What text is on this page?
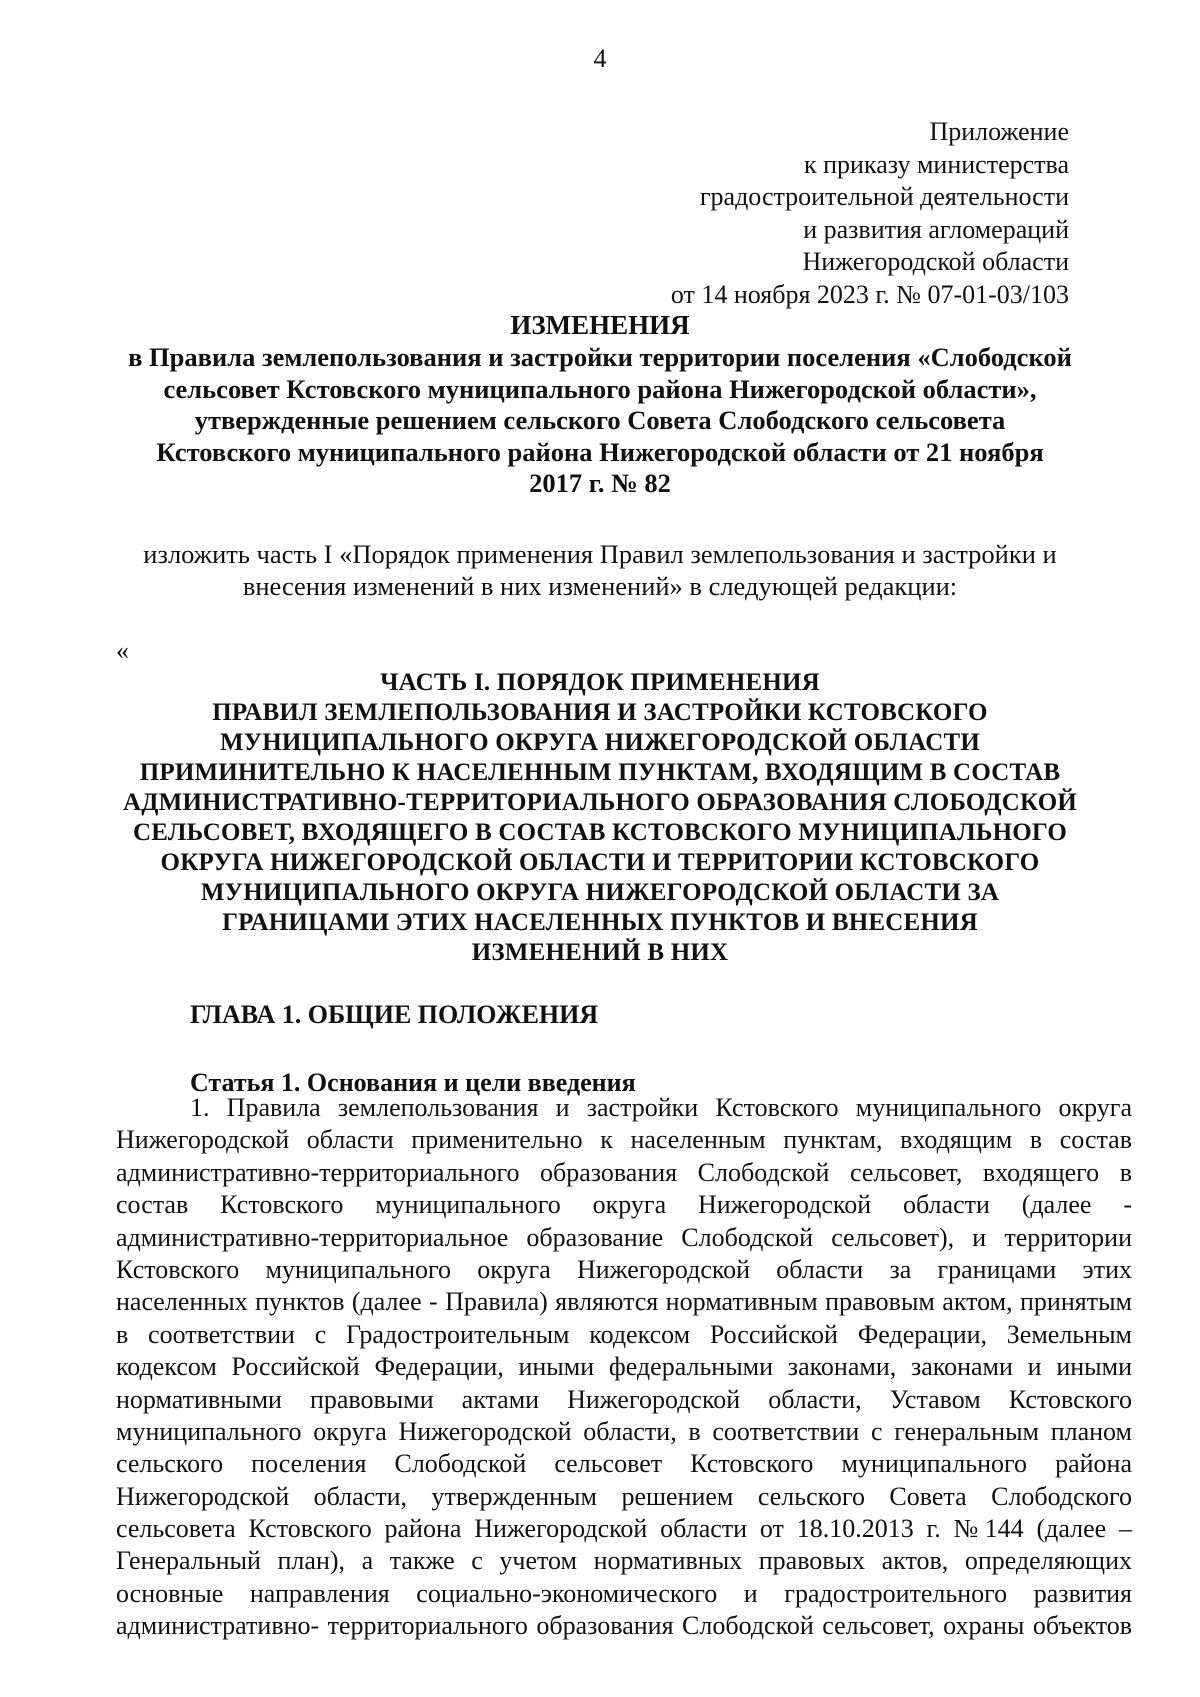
4
Приложение
к приказу министерства
градостроительной деятельности
и развития агломераций
Нижегородской области
от 14 ноября 2023 г. № 07-01-03/103
ИЗМЕНЕНИЯ
в Правила землепользования и застройки территории поселения «Слободской
сельсовет Кстовского муниципального района Нижегородской области»,
утвержденные решением сельского Совета Слободского сельсовета
Кстовского муниципального района Нижегородской области от 21 ноября
2017 г. № 82
изложить часть I «Порядок применения Правил землепользования и застройки и
внесения изменений в них изменений» в следующей редакции:
«
ЧАСТЬ I. ПОРЯДОК ПРИМЕНЕНИЯ
ПРАВИЛ ЗЕМЛЕПОЛЬЗОВАНИЯ И ЗАСТРОЙКИ КСТОВСКОГО
МУНИЦИПАЛЬНОГО ОКРУГА НИЖЕГОРОДСКОЙ ОБЛАСТИ
ПРИМИНИТЕЛЬНО К НАСЕЛЕННЫМ ПУНКТАМ, ВХОДЯЩИМ В СОСТАВ
АДМИНИСТРАТИВНО-ТЕРРИТОРИАЛЬНОГО ОБРАЗОВАНИЯ СЛОБОДСКОЙ
СЕЛЬСОВЕТ, ВХОДЯЩЕГО В СОСТАВ КСТОВСКОГО МУНИЦИПАЛЬНОГО
ОКРУГА НИЖЕГОРОДСКОЙ ОБЛАСТИ И ТЕРРИТОРИИ КСТОВСКОГО
МУНИЦИПАЛЬНОГО ОКРУГА НИЖЕГОРОДСКОЙ ОБЛАСТИ ЗА
ГРАНИЦАМИ ЭТИХ НАСЕЛЕННЫХ ПУНКТОВ И ВНЕСЕНИЯ
ИЗМЕНЕНИЙ В НИХ
ГЛАВА 1. ОБЩИЕ ПОЛОЖЕНИЯ
Статья 1. Основания и цели введения
1. Правила землепользования и застройки Кстовского муниципального округа
Нижегородской области применительно к населенным пунктам, входящим в состав
административно-территориального образования Слободской сельсовет, входящего в
состав Кстовского муниципального округа Нижегородской области (далее -
административно-территориальное образование Слободской сельсовет), и территории
Кстовского муниципального округа Нижегородской области за границами этих
населенных пунктов (далее - Правила) являются нормативным правовым актом, принятым
в соответствии с Градостроительным кодексом Российской Федерации, Земельным
кодексом Российской Федерации, иными федеральными законами, законами и иными
нормативными правовыми актами Нижегородской области, Уставом Кстовского
муниципального округа Нижегородской области, в соответствии с генеральным планом
сельского поселения Слободской сельсовет Кстовского муниципального района
Нижегородской области, утвержденным решением сельского Совета Слободского
сельсовета Кстовского района Нижегородской области от 18.10.2013 г. №144 (далее –
Генеральный план), а также с учетом нормативных правовых актов, определяющих
основные направления социально-экономического и градостроительного развития
административно- территориального образования Слободской сельсовет, охраны объектов
